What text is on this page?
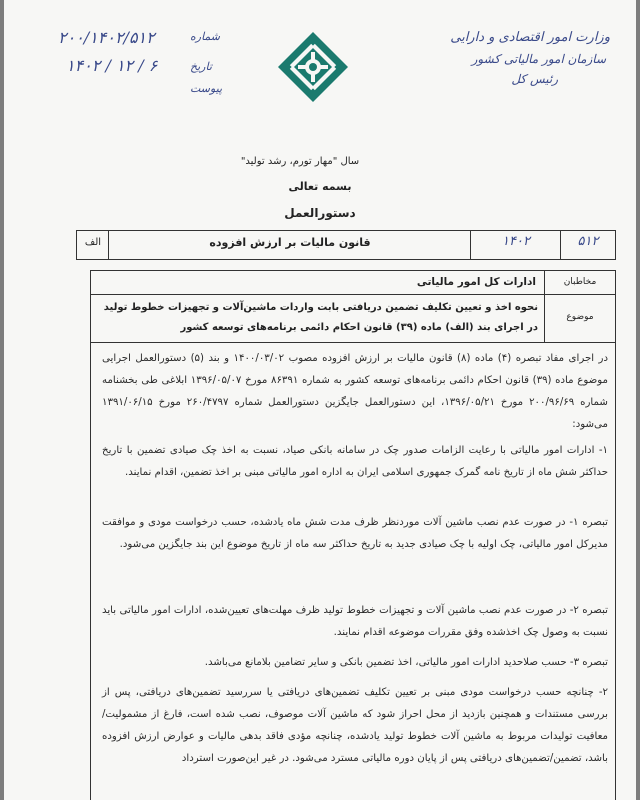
وزارت امور اقتصادی و دارایی
سازمان امور مالیاتی کشور
رئیس کل
شماره
۲۰۰/۱۴۰۲/۵۱۲
تاریخ
۱۴۰۲ / ۱۲ / ۶
پیوست
سال "مهار تورم، رشد تولید"
بسمه تعالی
دستورالعمل
الف	قانون مالیات بر ارزش افزوده	۱۴۰۲	۵۱۲
مخاطبان
ادارات کل امور مالیاتی
موضوع
نحوه اخذ و تعیین تکلیف تضمین دریافتی بابت واردات ماشین‌آلات و تجهیزات خطوط تولید در اجرای بند (الف) ماده (۳۹) قانون احکام دائمی برنامه‌های توسعه کشور
در اجرای مفاد تبصره (۴) ماده (۸) قانون مالیات بر ارزش افزوده مصوب ۱۴۰۰/۰۳/۰۲ و بند (۵) دستورالعمل اجرایی موضوع ماده (۳۹) قانون احکام دائمی برنامه‌های توسعه کشور به شماره ۸۶۳۹۱ مورخ ۱۳۹۶/۰۵/۰۷ ابلاغی طی بخشنامه شماره ۲۰۰/۹۶/۶۹ مورخ ۱۳۹۶/۰۵/۲۱، این دستورالعمل جایگزین دستورالعمل شماره ۲۶۰/۴۷۹۷ مورخ ۱۳۹۱/۰۶/۱۵ می‌شود:
۱- ادارات امور مالیاتی با رعایت الزامات صدور چک در سامانه بانکی صیاد، نسبت به اخذ چک صیادی تضمین با تاریخ حداکثر شش ماه از تاریخ نامه گمرک جمهوری اسلامی ایران به اداره امور مالیاتی مبنی بر اخذ تضمین، اقدام نمایند.
تبصره ۱- در صورت عدم نصب ماشین آلات موردنظر ظرف مدت شش ماه یادشده، حسب درخواست مودی و موافقت مدیرکل امور مالیاتی، چک اولیه با چک صیادی جدید به تاریخ حداکثر سه ماه از تاریخ موضوع این بند جایگزین می‌شود.
تبصره ۲- در صورت عدم نصب ماشین آلات و تجهیزات خطوط تولید ظرف مهلت‌های تعیین‌شده، ادارات امور مالیاتی باید نسبت به وصول چک اخذشده وفق مقررات موضوعه اقدام نمایند.
تبصره ۳- حسب صلاحدید ادارات امور مالیاتی، اخذ تضمین بانکی و سایر تضامین بلامانع می‌باشد.
۲- چنانچه حسب درخواست مودی مبنی بر تعیین تکلیف تضمین‌های دریافتی یا سررسید تضمین‌های دریافتی، پس از بررسی مستندات و همچنین بازدید از محل احراز شود که ماشین آلات موصوف، نصب شده است، فارغ از مشمولیت/معافیت تولیدات مربوط به ماشین آلات خطوط تولید یادشده، چنانچه مؤدی فاقد بدهی مالیات و عوارض ارزش افزوده باشد، تضمین/تضمین‌های دریافتی پس از پایان دوره مالیاتی مسترد می‌شود. در غیر این‌صورت استرداد
